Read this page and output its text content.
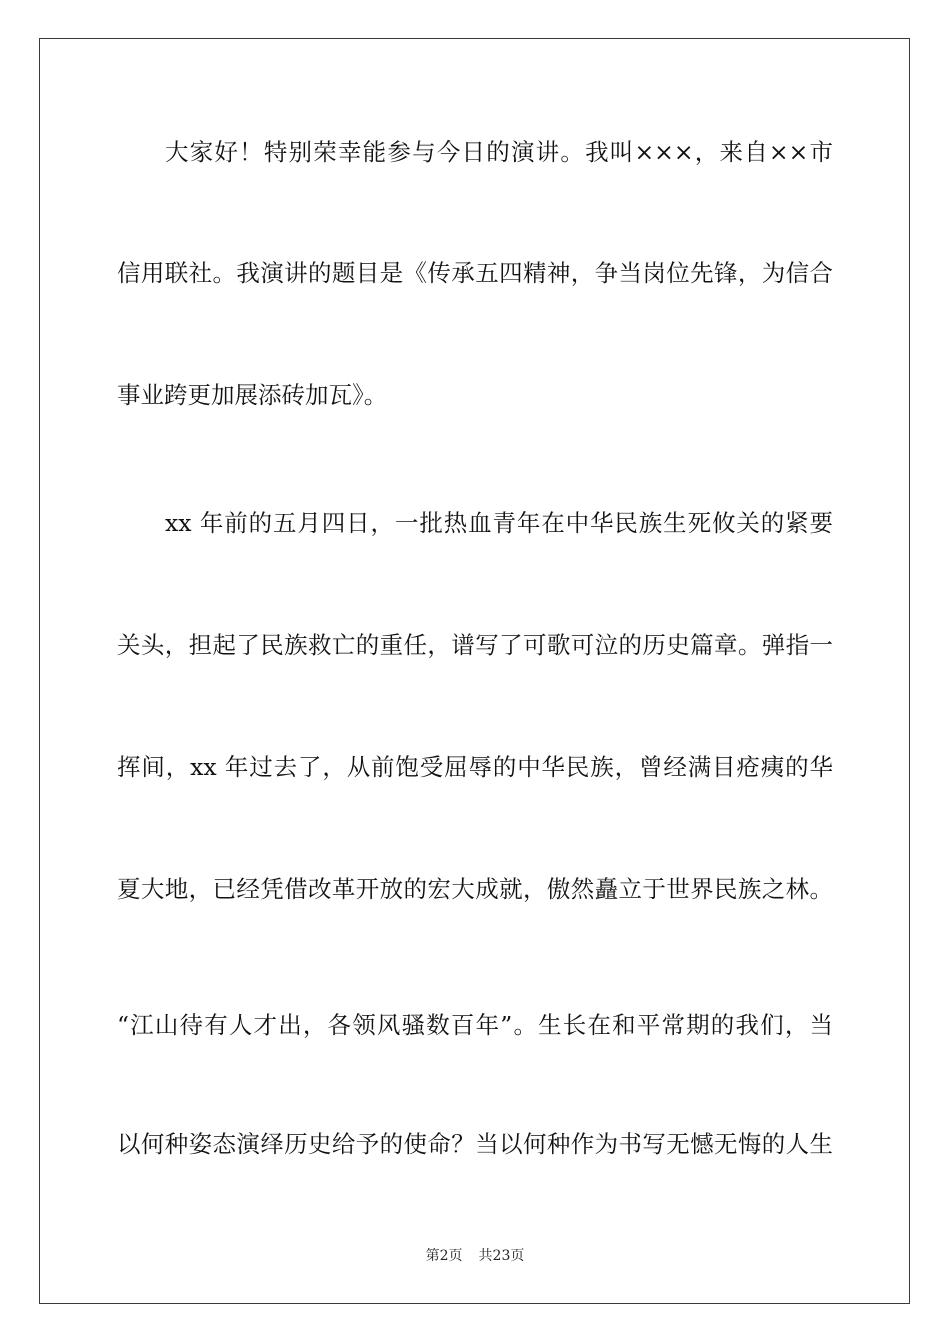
大家好！特别荣幸能参与今日的演讲。我叫×××，来自××市
信用联社。我演讲的题目是《传承五四精神，争当岗位先锋，为信合
事业跨更加展添砖加瓦》。
xx 年前的五月四日，一批热血青年在中华民族生死攸关的紧要
关头，担起了民族救亡的重任，谱写了可歌可泣的历史篇章。弹指一
挥间，xx 年过去了，从前饱受屈辱的中华民族，曾经满目疮痍的华
夏大地，已经凭借改革开放的宏大成就，傲然矗立于世界民族之林。
“江山待有人才出，各领风骚数百年”。生长在和平常期的我们，当
以何种姿态演绎历史给予的使命？当以何种作为书写无憾无悔的人生
第2页 共23页
